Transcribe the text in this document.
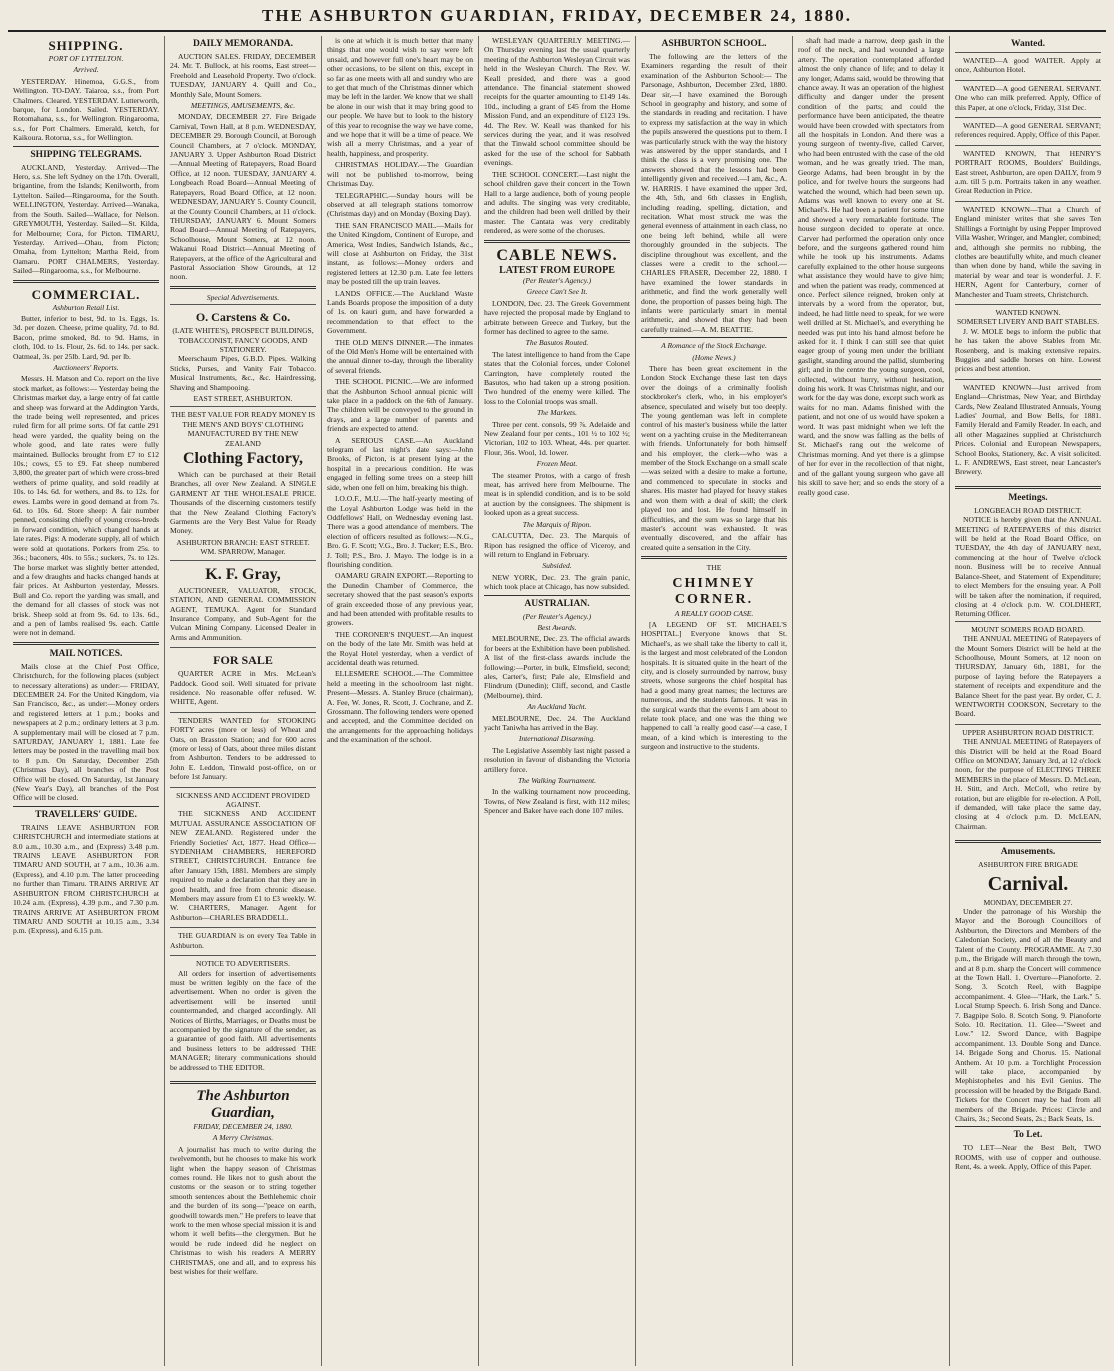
THE ASHBURTON GUARDIAN, FRIDAY, DECEMBER 24, 1880.
SHIPPING.
PORT OF LYTTELTON.
Arrived.

YESTERDAY. Hinemoa, G.G.S., from Wellington. TO-DAY. Taiaroa, s.s., from Port Chalmers. Cleared. YESTERDAY. Lutterworth, barque, for London. Sailed. YESTERDAY. Rotomahana, s.s., for Wellington. Ringarooma, s.s., for Port Chalmers. Emerald, ketch, for Kaikoura. Rotorua, s.s., for Wellington.

SHIPPING TELEGRAMS.

AUCKLAND, Yesterday. Arrived—The Hero, s.s. She left Sydney on the 17th. Overall, brigantine, from the Islands; Kenilworth, from Lyttelton. Sailed—Ringarooma, for the South. WELLINGTON, Yesterday. Arrived—Wanaka, from the South. Sailed—Wallace, for Nelson. GREYMOUTH, Yesterday. Sailed—St. Kilda, for Melbourne; Cora, for Picton. TIMARU, Yesterday. Arrived—Ohau, from Picton; Omaha, from Lyttelton; Martha Reid, from Oamaru. PORT CHALMERS, Yesterday. Sailed—Ringarooma, s.s., for Melbourne.

COMMERCIAL.
Ashburton Retail List.

Butter, inferior to best, 9d. to 1s. Eggs, 1s. 3d. per dozen. Cheese, prime quality, 7d. to 8d. Bacon, prime smoked, 8d. to 9d. Hams, in cloth, 10d. to 1s. Flour, 2s. 6d. to 14s. per sack. Oatmeal, 3s. per 25lb. Lard, 9d. per lb.

Auctioneers' Reports.

Messrs. H. Matson and Co. report on the live stock market, as follows:— Yesterday being the Christmas market day, a large entry of fat cattle and sheep was forward at the Addington Yards, the trade being well represented, and prices ruled firm for all prime sorts. Of fat cattle 291 head were yarded, the quality being on the whole good, and late rates were fully maintained. Bullocks brought from £7 to £12 10s.; cows, £5 to £9. Fat sheep numbered 3,800, the greater part of which were cross-bred wethers of prime quality, and sold readily at 10s. to 14s. 6d. for wethers, and 8s. to 12s. for ewes. Lambs were in good demand at from 7s. 6d. to 10s. 6d. Store sheep: A fair number penned, consisting chiefly of young cross-breds in forward condition, which changed hands at late rates. Pigs: A moderate supply, all of which were sold at quotations. Porkers from 25s. to 36s.; baconers, 40s. to 55s.; suckers, 7s. to 12s. The horse market was slightly better attended, and a few draughts and hacks changed hands at fair prices. At Ashburton yesterday, Messrs. Bull and Co. report the yarding was small, and the demand for all classes of stock was not brisk. Sheep sold at from 9s. 6d. to 13s. 6d., and a pen of lambs realised 9s. each. Cattle were not in demand.

MAIL NOTICES.

Mails close at the Chief Post Office, Christchurch, for the following places (subject to necessary alterations) as under:— FRIDAY, DECEMBER 24. For the United Kingdom, via San Francisco, &c., as under:—Money orders and registered letters at 1 p.m.; books and newspapers at 2 p.m.; ordinary letters at 3 p.m. A supplementary mail will be closed at 7 p.m. SATURDAY, JANUARY 1, 1881. Late fee letters may be posted in the travelling mail box to 8 p.m. On Saturday, December 25th (Christmas Day), all branches of the Post Office will be closed. On Saturday, 1st January (New Year's Day), all branches of the Post Office will be closed.

TRAVELLERS' GUIDE.

TRAINS LEAVE ASHBURTON FOR CHRISTCHURCH and intermediate stations at 8.0 a.m., 10.30 a.m., and (Express) 3.48 p.m. TRAINS LEAVE ASHBURTON FOR TIMARU AND SOUTH, at 7 a.m., 10.36 a.m. (Express), and 4.10 p.m. The latter proceeding no further than Timaru. TRAINS ARRIVE AT ASHBURTON FROM CHRISTCHURCH at 10.24 a.m. (Express), 4.39 p.m., and 7.30 p.m. TRAINS ARRIVE AT ASHBURTON FROM TIMARU AND SOUTH at 10.15 a.m., 3.34 p.m. (Express), and 6.15 p.m.

DAILY MEMORANDA.

AUCTION SALES. FRIDAY, DECEMBER 24. Mr. T. Bullock, at his rooms, East street—Freehold and Leasehold Property. Two o'clock. TUESDAY, JANUARY 4. Quill and Co., Monthly Sale, Mount Somers.

MEETINGS, AMUSEMENTS, &c.

MONDAY, DECEMBER 27. Fire Brigade Carnival, Town Hall, at 8 p.m. WEDNESDAY, DECEMBER 29. Borough Council, at Borough Council Chambers, at 7 o'clock. MONDAY, JANUARY 3. Upper Ashburton Road District—Annual Meeting of Ratepayers, Road Board Office, at 12 noon. TUESDAY, JANUARY 4. Longbeach Road Board—Annual Meeting of Ratepayers, Road Board Office, at 12 noon. WEDNESDAY, JANUARY 5. County Council, at the County Council Chambers, at 11 o'clock. THURSDAY, JANUARY 6. Mount Somers Road Board—Annual Meeting of Ratepayers, Schoolhouse, Mount Somers, at 12 noon. Wakanui Road District—Annual Meeting of Ratepayers, at the office of the Agricultural and Pastoral Association Show Grounds, at 12 noon.

Special Advertisements.
O. Carstens & Co.
(LATE WHITE'S), PROSPECT BUILDINGS, TOBACCONIST, FANCY GOODS, AND STATIONERY.

Meerschaum Pipes, G.B.D. Pipes. Walking Sticks, Purses, and Vanity Fair Tobacco. Musical Instruments, &c., &c. Hairdressing, Shaving and Shampooing.

EAST STREET, ASHBURTON.
THE BEST VALUE FOR READY MONEY IS THE MEN'S AND BOYS' CLOTHING MANUFACTURED BY THE NEW ZEALAND
Clothing Factory,

Which can be purchased at their Retail Branches, all over New Zealand. A SINGLE GARMENT AT THE WHOLESALE PRICE. Thousands of the discerning customers testify that the New Zealand Clothing Factory's Garments are the Very Best Value for Ready Money.

ASHBURTON BRANCH: EAST STREET. WM. SPARROW, Manager.
K. F. Gray,

AUCTIONEER, VALUATOR, STOCK, STATION, AND GENERAL COMMISSION AGENT, TEMUKA. Agent for Standard Insurance Company, and Sub-Agent for the Vulcan Mining Company. Licensed Dealer in Arms and Ammunition.

FOR SALE

QUARTER ACRE in Mrs. McLean's Paddock. Good soil. Well situated for private residence. No reasonable offer refused. W. WHITE, Agent.

TENDERS WANTED for STOOKING FORTY acres (more or less) of Wheat and Oats, on Brasston Station; and for 600 acres (more or less) of Oats, about three miles distant from Ashburton. Tenders to be addressed to John E. Leddon, Tinwald post-office, on or before 1st January.

SICKNESS AND ACCIDENT PROVIDED AGAINST.

THE SICKNESS AND ACCIDENT MUTUAL ASSURANCE ASSOCIATION OF NEW ZEALAND. Registered under the Friendly Societies' Act, 1877. Head Office—SYDENHAM CHAMBERS, HEREFORD STREET, CHRISTCHURCH. Entrance fee after January 15th, 1881. Members are simply required to make a declaration that they are in good health, and free from chronic disease. Members may assure from £1 to £3 weekly. W. W. CHARTERS, Manager. Agent for Ashburton—CHARLES BRADDELL.

THE GUARDIAN is on every Tea Table in Ashburton.

NOTICE TO ADVERTISERS.

All orders for insertion of advertisements must be written legibly on the face of the advertisement. When no order is given the advertisement will be inserted until countermanded, and charged accordingly. All Notices of Births, Marriages, or Deaths must be accompanied by the signature of the sender, as a guarantee of good faith. All advertisements and business letters to be addressed THE MANAGER; literary communications should be addressed to THE EDITOR.

The Ashburton Guardian,
FRIDAY, DECEMBER 24, 1880.
A Merry Christmas.

A journalist has much to write during the twelvemonth, but he chooses to make his work light when the happy season of Christmas comes round. He likes not to gush about the customs or the season or to string together smooth sentences about the Bethlehemic choir and the burden of its song—"peace on earth, goodwill towards men." He prefers to leave that work to the men whose special mission it is and whom it well befits—the clergymen. But he would be rude indeed did he neglect on Christmas to wish his readers A MERRY CHRISTMAS, one and all, and to express his best wishes for their welfare.

is one at which it is much better that many things that one would wish to say were left unsaid, and however full one's heart may be on other occasions, to be silent on this, except in so far as one meets with all and sundry who are to get that much of the Christmas dinner which may be left in the larder. We know that we shall be alone in our wish that it may bring good to our people. We have but to look to the history of this year to recognise the way we have come, and we hope that it will be a time of peace. We wish all a merry Christmas, and a year of health, happiness, and prosperity.

CHRISTMAS HOLIDAY.—The Guardian will not be published to-morrow, being Christmas Day.

TELEGRAPHIC.—Sunday hours will be observed at all telegraph stations tomorrow (Christmas day) and on Monday (Boxing Day).

THE SAN FRANCISCO MAIL.—Mails for the United Kingdom, Continent of Europe, and America, West Indies, Sandwich Islands, &c., will close at Ashburton on Friday, the 31st instant, as follows:—Money orders and registered letters at 12.30 p.m. Late fee letters may be posted till the up train leaves.

LANDS OFFICE.—The Auckland Waste Lands Boards propose the imposition of a duty of 1s. on kauri gum, and have forwarded a recommendation to that effect to the Government.

THE OLD MEN'S DINNER.—The inmates of the Old Men's Home will be entertained with the annual dinner to-day, through the liberality of several friends.

THE SCHOOL PICNIC.—We are informed that the Ashburton School annual picnic will take place in a paddock on the 6th of January. The children will be conveyed to the ground in drays, and a large number of parents and friends are expected to attend.

A SERIOUS CASE.—An Auckland telegram of last night's date says:—John Brooks, of Picton, is at present lying at the hospital in a precarious condition. He was engaged in felling some trees on a steep hill side, when one fell on him, breaking his thigh.

I.O.O.F., M.U.—The half-yearly meeting of the Loyal Ashburton Lodge was held in the Oddfellows' Hall, on Wednesday evening last. There was a good attendance of members. The election of officers resulted as follows:—N.G., Bro. G. F. Scott; V.G., Bro. J. Tucker; E.S., Bro. J. Toll; P.S., Bro. J. Mayo. The lodge is in a flourishing condition.

OAMARU GRAIN EXPORT.—Reporting to the Dunedin Chamber of Commerce, the secretary showed that the past season's exports of grain exceeded those of any previous year, and had been attended with profitable results to growers.

THE CORONER'S INQUEST.—An inquest on the body of the late Mr. Smith was held at the Royal Hotel yesterday, when a verdict of accidental death was returned.

ELLESMERE SCHOOL.—The Committee held a meeting in the schoolroom last night. Present—Messrs. A. Stanley Bruce (chairman), A. Fee, W. Jones, R. Scott, J. Cochrane, and Z. Grossmann. The following tenders were opened and accepted, and the Committee decided on the arrangements for the approaching holidays and the examination of the school.

WESLEYAN QUARTERLY MEETING.—On Thursday evening last the usual quarterly meeting of the Ashburton Wesleyan Circuit was held in the Wesleyan Church. The Rev. W. Keall presided, and there was a good attendance. The financial statement showed receipts for the quarter amounting to £149 14s. 10d., including a grant of £45 from the Home Mission Fund, and an expenditure of £123 19s. 4d. The Rev. W. Keall was thanked for his services during the year, and it was resolved that the Tinwald school committee should be asked for the use of the school for Sabbath evenings.

THE SCHOOL CONCERT.—Last night the school children gave their concert in the Town Hall to a large audience, both of young people and adults. The singing was very creditable, and the children had been well drilled by their master. The Cantata was very creditably rendered, as were some of the choruses.

CABLE NEWS.
LATEST FROM EUROPE
(Per Reuter's Agency.)
Greece Can't See It.

LONDON, Dec. 23. The Greek Government have rejected the proposal made by England to arbitrate between Greece and Turkey, but the former has declined to agree to the same.

The Basutos Routed.

The latest intelligence to hand from the Cape states that the Colonial forces, under Colonel Carrington, have completely routed the Basutos, who had taken up a strong position. Two hundred of the enemy were killed. The loss to the Colonial troops was small.

The Markets.

Three per cent. consols, 99 ⅞. Adelaide and New Zealand four per cents., 101 ½ to 102 ½; Victorian, 102 to 103. Wheat, 44s. per quarter. Flour, 36s. Wool, 1d. lower.

Frozen Meat.

The steamer Protos, with a cargo of fresh meat, has arrived here from Melbourne. The meat is in splendid condition, and is to be sold at auction by the consignees. The shipment is looked upon as a great success.

The Marquis of Ripon.

CALCUTTA, Dec. 23. The Marquis of Ripon has resigned the office of Viceroy, and will return to England in February.

Subsided.

NEW YORK, Dec. 23. The grain panic, which took place at Chicago, has now subsided.

AUSTRALIAN.
(Per Reuter's Agency.)
Best Awards.

MELBOURNE, Dec. 23. The official awards for beers at the Exhibition have been published. A list of the first-class awards include the following:—Porter, in bulk, Elmsfield, second; ales, Carter's, first; Pale ale, Elmsfield and Flindrum (Dunedin); Cliff, second, and Castle (Melbourne), third.

An Auckland Yacht.

MELBOURNE, Dec. 24. The Auckland yacht Taniwha has arrived in the Bay.

International Disarming.

The Legislative Assembly last night passed a resolution in favour of disbanding the Victoria artillery force.

The Walking Tournament.

In the walking tournament now proceeding, Towns, of New Zealand is first, with 112 miles; Spencer and Baker have each done 107 miles.

ASHBURTON SCHOOL.

The following are the letters of the Examiners regarding the result of their examination of the Ashburton School:— The Parsonage, Ashburton, December 23rd, 1880. Dear sir,—I have examined the Borough School in geography and history, and some of the standards in reading and recitation. I have to express my satisfaction at the way in which the pupils answered the questions put to them. I was particularly struck with the way the history was answered by the upper standards, and I think the class is a very promising one. The answers showed that the lessons had been intelligently given and received.—I am, &c., A. W. HARRIS. I have examined the upper 3rd, the 4th, 5th, and 6th classes in English, including reading, spelling, dictation, and recitation. What most struck me was the general evenness of attainment in each class, no one being left behind, while all were thoroughly grounded in the subjects. The discipline throughout was excellent, and the classes were a credit to the school.—CHARLES FRASER, December 22, 1880. I have examined the lower standards in arithmetic, and find the work generally well done, the proportion of passes being high. The infants were particularly smart in mental arithmetic, and showed that they had been carefully trained.—A. M. BEATTIE.

A Romance of the Stock Exchange.
(Home News.)

There has been great excitement in the London Stock Exchange these last ten days over the doings of a criminally foolish stockbroker's clerk, who, in his employer's absence, speculated and wisely but too deeply. The young gentleman was left in complete control of his master's business while the latter went on a yachting cruise in the Mediterranean with friends. Unfortunately for both himself and his employer, the clerk—who was a member of the Stock Exchange on a small scale—was seized with a desire to make a fortune, and commenced to speculate in stocks and shares. His master had played for heavy stakes and won them with a deal of skill; the clerk played too and lost. He found himself in difficulties, and the sum was so large that his master's account was exhausted. It was eventually discovered, and the affair has created quite a sensation in the City.

THE
CHIMNEY CORNER.
A REALLY GOOD CASE.

[A LEGEND OF ST. MICHAEL'S HOSPITAL.] Everyone knows that St. Michael's, as we shall take the liberty to call it, is the largest and most celebrated of the London hospitals. It is situated quite in the heart of the city, and is closely surrounded by narrow, busy streets, whose surgeons the chief hospital has had a good many great names; the lectures are numerous, and the students famous. It was in the surgical wards that the events I am about to relate took place, and one was the thing we happened to call 'a really good case'—a case, I mean, of a kind which is interesting to the surgeon and instructive to the students.

shaft had made a narrow, deep gash in the roof of the neck, and had wounded a large artery. The operation contemplated afforded almost the only chance of life; and to delay it any longer, Adams said, would be throwing that chance away. It was an operation of the highest difficulty and danger under the present condition of the parts; and could the performance have been anticipated, the theatre would have been crowded with spectators from all the hospitals in London. And there was a young surgeon of twenty-five, called Carver, who had been entrusted with the case of the old woman, and he was greatly tried. The man, George Adams, had been brought in by the police, and for twelve hours the surgeons had watched the wound, which had been sewn up. Adams was well known to every one at St. Michael's. He had been a patient for some time and showed a very remarkable fortitude. The house surgeon decided to operate at once. Carver had performed the operation only once before, and the surgeons gathered round him while he took up his instruments. Adams carefully explained to the other house surgeons what assistance they would have to give him; and when the patient was ready, commenced at once. Perfect silence reigned, broken only at intervals by a word from the operator, but, indeed, he had little need to speak, for we were well drilled at St. Michael's, and everything he needed was put into his hand almost before he asked for it. I think I can still see that quiet eager group of young men under the brilliant gaslight, standing around the pallid, slumbering girl; and in the centre the young surgeon, cool, collected, without hurry, without hesitation, doing his work. It was Christmas night, and our work for the day was done, except such work as waits for no man. Adams finished with the patient, and not one of us would have spoken a word. It was past midnight when we left the ward, and the snow was falling as the bells of St. Michael's rang out the welcome of Christmas morning. And yet there is a glimpse of her for ever in the recollection of that night, and of the gallant young surgeon who gave all his skill to save her; and so ends the story of a really good case.

Wanted.

WANTED—A good WAITER. Apply at once, Ashburton Hotel.

WANTED—A good GENERAL SERVANT. One who can milk preferred. Apply, Office of this Paper, at one o'clock, Friday, 31st Dec.

WANTED—A good GENERAL SERVANT; references required. Apply, Office of this Paper.

WANTED KNOWN, That HENRY'S PORTRAIT ROOMS, Boulders' Buildings, East street, Ashburton, are open DAILY, from 9 a.m. till 5 p.m. Portraits taken in any weather. Great Reduction in Price.

WANTED KNOWN—That a Church of England minister writes that she saves Ten Shillings a Fortnight by using Pepper Improved Villa Washer, Wringer, and Mangler, combined; and, although she permits no rubbing, the clothes are beautifully white, and much cleaner than when done by hand, while the saving in material by wear and tear is wonderful. J. F. HERN, Agent for Canterbury, corner of Manchester and Tuam streets, Christchurch.

WANTED KNOWN.
SOMERSET LIVERY AND BAIT STABLES.

J. W. MOLE begs to inform the public that he has taken the above Stables from Mr. Rosenberg, and is making extensive repairs. Buggies and saddle horses on hire. Lowest prices and best attention.

WANTED KNOWN—Just arrived from England—Christmas, New Year, and Birthday Cards, New Zealand Illustrated Annuals, Young Ladies' Journal, and Bow Bells, for 1881. Family Herald and Family Reader. In each, and all other Magazines supplied at Christchurch Prices. Colonial and European Newspapers, School Books, Stationery, &c. A visit solicited. L. F. ANDREWS, East street, near Lancaster's Brewery.

Meetings.
LONGBEACH ROAD DISTRICT.

NOTICE is hereby given that the ANNUAL MEETING of RATEPAYERS of this district will be held at the Road Board Office, on TUESDAY, the 4th day of JANUARY next, commencing at the hour of Twelve o'clock noon. Business will be to receive Annual Balance-Sheet, and Statement of Expenditure; to elect Members for the ensuing year. A Poll will be taken after the nomination, if required, closing at 4 o'clock p.m. W. COLDHERT, Returning Officer.

MOUNT SOMERS ROAD BOARD.

THE ANNUAL MEETING of Ratepayers of the Mount Somers District will be held at the Schoolhouse, Mount Somers, at 12 noon on THURSDAY, January 6th, 1881, for the purpose of laying before the Ratepayers a statement of receipts and expenditure and the Balance Sheet for the past year. By order, C. J. WENTWORTH COOKSON, Secretary to the Board.

UPPER ASHBURTON ROAD DISTRICT.

THE ANNUAL MEETING of Ratepayers of this District will be held at the Road Board Office on MONDAY, January 3rd, at 12 o'clock noon, for the purpose of ELECTING THREE MEMBERS in the place of Messrs. D. McLean, H. Stitt, and Arch. McColl, who retire by rotation, but are eligible for re-election. A Poll, if demanded, will take place the same day, closing at 4 o'clock p.m. D. McLEAN, Chairman.

Amusements.
ASHBURTON FIRE BRIGADE
Carnival.
MONDAY, DECEMBER 27.

Under the patronage of his Worship the Mayor and the Borough Councillors of Ashburton, the Directors and Members of the Caledonian Society, and of all the Beauty and Talent of the County. PROGRAMME. At 7.30 p.m., the Brigade will march through the town, and at 8 p.m. sharp the Concert will commence at the Town Hall. 1. Overture—Pianoforte. 2. Song. 3. Scotch Reel, with Bagpipe accompaniment. 4. Glee—"Hark, the Lark." 5. Local Stump Speech. 6. Irish Song and Dance. 7. Bagpipe Solo. 8. Scotch Song. 9. Pianoforte Solo. 10. Recitation. 11. Glee—"Sweet and Low." 12. Sword Dance, with Bagpipe accompaniment. 13. Double Song and Dance. 14. Brigade Song and Chorus. 15. National Anthem. At 10 p.m. a Torchlight Procession will take place, accompanied by Mephistopheles and his Evil Genius. The procession will be headed by the Brigade Band. Tickets for the Concert may be had from all members of the Brigade. Prices: Circle and Chairs, 3s.; Second Seats, 2s.; Back Seats, 1s.

To Let.

TO LET—Near the Best Belt, TWO ROOMS, with use of copper and outhouse. Rent, 4s. a week. Apply, Office of this Paper.
